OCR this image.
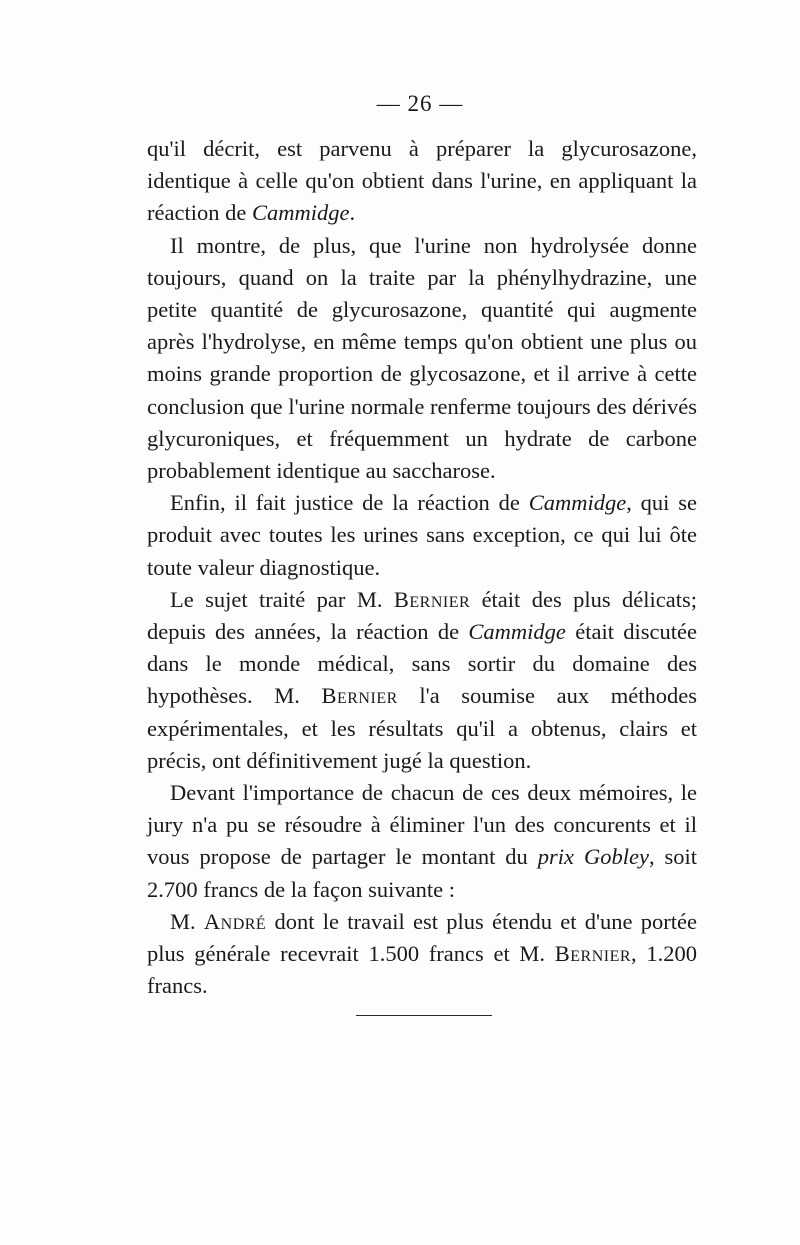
— 26 —

qu'il décrit, est parvenu à préparer la glycurosazone, identique à celle qu'on obtient dans l'urine, en appliquant la réaction de Cammidge.

Il montre, de plus, que l'urine non hydrolysée donne toujours, quand on la traite par la phénylhydrazine, une petite quantité de glycurosazone, quantité qui augmente après l'hydrolyse, en même temps qu'on obtient une plus ou moins grande proportion de glycosazone, et il arrive à cette conclusion que l'urine normale renferme toujours des dérivés glycuroniques, et fréquemment un hydrate de carbone probablement identique au saccharose.

Enfin, il fait justice de la réaction de Cammidge, qui se produit avec toutes les urines sans exception, ce qui lui ôte toute valeur diagnostique.

Le sujet traité par M. Bernier était des plus délicats; depuis des années, la réaction de Cammidge était discutée dans le monde médical, sans sortir du domaine des hypothèses. M. Bernier l'a soumise aux méthodes expérimentales, et les résultats qu'il a obtenus, clairs et précis, ont définitivement jugé la question.

Devant l'importance de chacun de ces deux mémoires, le jury n'a pu se résoudre à éliminer l'un des concurents et il vous propose de partager le montant du prix Gobley, soit 2.700 francs de la façon suivante :

M. André dont le travail est plus étendu et d'une portée plus générale recevrait 1.500 francs et M. Bernier, 1.200 francs.
